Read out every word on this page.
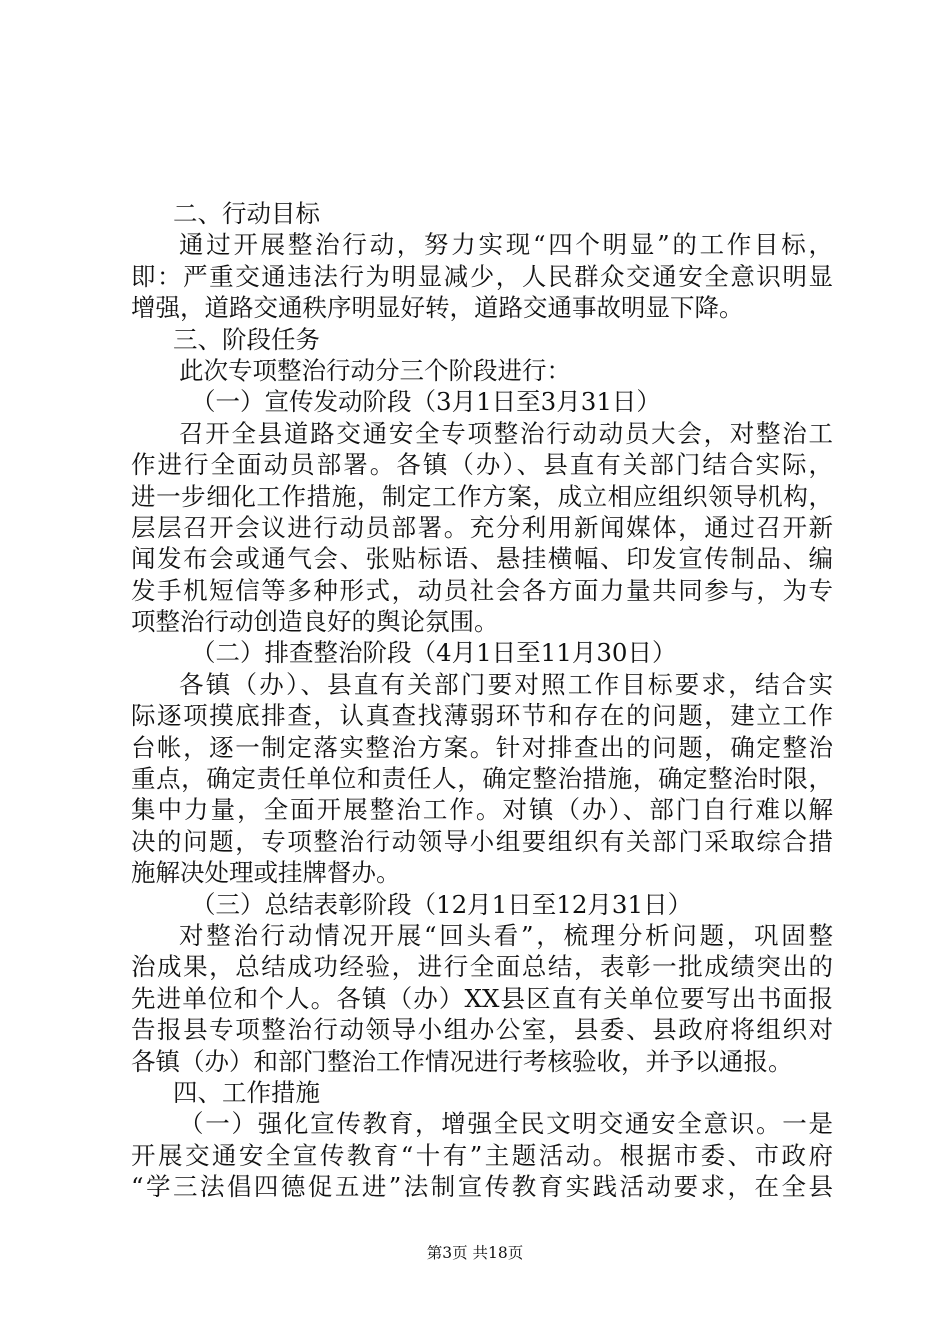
二、行动目标
通过开展整治行动，努力实现“四个明显”的工作目标，
即：严重交通违法行为明显减少，人民群众交通安全意识明显
增强，道路交通秩序明显好转，道路交通事故明显下降。
三、阶段任务
此次专项整治行动分三个阶段进行：
（一）宣传发动阶段（3月1日至3月31日）
召开全县道路交通安全专项整治行动动员大会，对整治工
作进行全面动员部署。各镇（办）、县直有关部门结合实际，
进一步细化工作措施，制定工作方案，成立相应组织领导机构，
层层召开会议进行动员部署。充分利用新闻媒体，通过召开新
闻发布会或通气会、张贴标语、悬挂横幅、印发宣传制品、编
发手机短信等多种形式，动员社会各方面力量共同参与，为专
项整治行动创造良好的舆论氛围。
（二）排查整治阶段（4月1日至11月30日）
各镇（办）、县直有关部门要对照工作目标要求，结合实
际逐项摸底排查，认真查找薄弱环节和存在的问题，建立工作
台帐，逐一制定落实整治方案。针对排查出的问题，确定整治
重点，确定责任单位和责任人，确定整治措施，确定整治时限，
集中力量，全面开展整治工作。对镇（办）、部门自行难以解
决的问题，专项整治行动领导小组要组织有关部门采取综合措
施解决处理或挂牌督办。
（三）总结表彰阶段（12月1日至12月31日）
对整治行动情况开展“回头看”，梳理分析问题，巩固整
治成果，总结成功经验，进行全面总结，表彰一批成绩突出的
先进单位和个人。各镇（办）XX县区直有关单位要写出书面报
告报县专项整治行动领导小组办公室，县委、县政府将组织对
各镇（办）和部门整治工作情况进行考核验收，并予以通报。
四、工作措施
（一）强化宣传教育，增强全民文明交通安全意识。一是
开展交通安全宣传教育“十有”主题活动。根据市委、市政府
“学三法倡四德促五进”法制宣传教育实践活动要求，在全县
第3页 共18页
